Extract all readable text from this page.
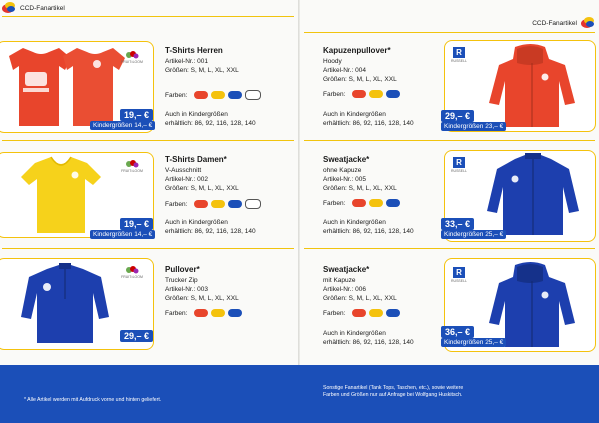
CCD-Fanartikel
CCD-Fanartikel
FRUIT•LOOM
19,– €
Kindergrößen 14,– €
T-Shirts Herren
Artikel-Nr.: 001
Größen: S, M, L, XL, XXL
Farben:
Auch in Kindergrößen
erhältlich: 86, 92, 116, 128, 140
FRUIT•LOOM
19,– €
Kindergrößen 14,– €
T-Shirts Damen*
V-Ausschnitt
Artikel-Nr.: 002
Größen: S, M, L, XL, XXL
Farben:
Auch in Kindergrößen
erhältlich: 86, 92, 116, 128, 140
FRUIT•LOOM
29,– €
Pullover*
Trucker Zip
Artikel-Nr.: 003
Größen: S, M, L, XL, XXL
Farben:
Kapuzenpullover*
Hoody
Artikel-Nr.: 004
Größen: S, M, L, XL, XXL
Farben:
Auch in Kindergrößen
erhältlich: 86, 92, 116, 128, 140
R
RUSSELL
29,– €
Kindergrößen 23,– €
Sweatjacke*
ohne Kapuze
Artikel-Nr.: 005
Größen: S, M, L, XL, XXL
Farben:
Auch in Kindergrößen
erhältlich: 86, 92, 116, 128, 140
R
RUSSELL
33,– €
Kindergrößen 25,– €
Sweatjacke*
mit Kapuze
Artikel-Nr.: 006
Größen: S, M, L, XL, XXL
Farben:
Auch in Kindergrößen
erhältlich: 86, 92, 116, 128, 140
R
RUSSELL
36,– €
Kindergrößen 25,– €
* Alle Artikel werden mit Aufdruck vorne und hinten geliefert.
Sonstige Fanartikel (Tank Tops, Taschen, etc.), sowie weitere
Farben und Größen nur auf Anfrage bei Wolfgang Huskitsch.
